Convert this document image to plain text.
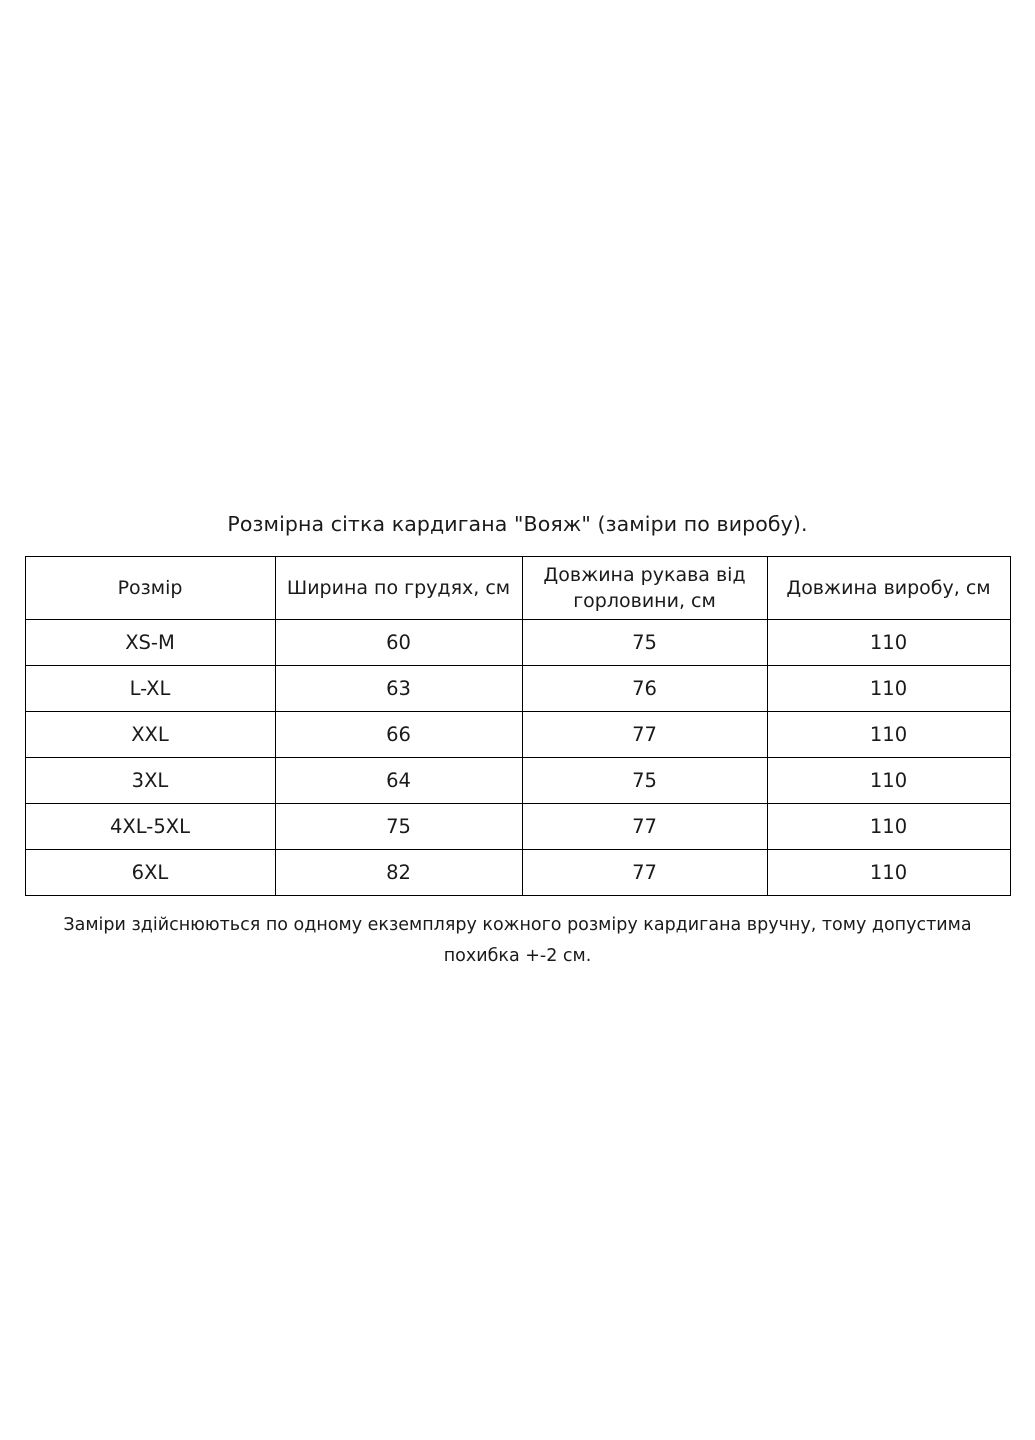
Розмірна сітка кардигана "Вояж" (заміри по виробу).

Розмір	Ширина по грудях, см	Довжина рукава від горловини, см	Довжина виробу, см
XS-M	60	75	110
L-XL	63	76	110
XXL	66	77	110
3XL	64	75	110
4XL-5XL	75	77	110
6XL	82	77	110

Заміри здійснюються по одному екземпляру кожного розміру кардигана вручну, тому допустима похибка +-2 см.
